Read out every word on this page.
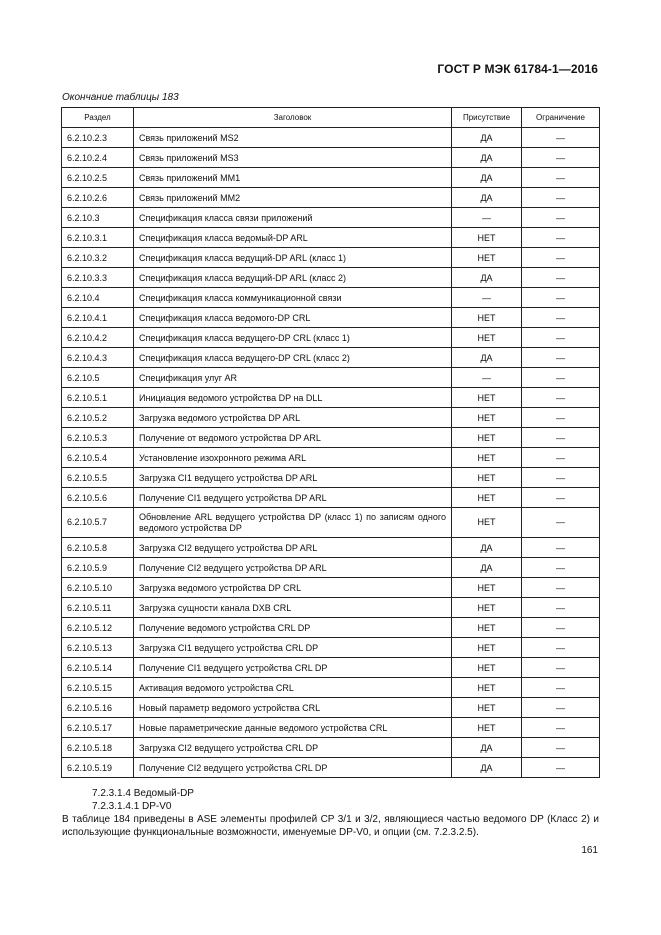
ГОСТ Р МЭК 61784-1—2016
Окончание таблицы 183
Раздел	Заголовок	Присутствие	Ограничение
6.2.10.2.3	Связь приложений MS2	ДА	—
6.2.10.2.4	Связь приложений MS3	ДА	—
6.2.10.2.5	Связь приложений MM1	ДА	—
6.2.10.2.6	Связь приложений MM2	ДА	—
6.2.10.3	Спецификация класса связи приложений	—	—
6.2.10.3.1	Спецификация класса ведомый-DP ARL	НЕТ	—
6.2.10.3.2	Спецификация класса ведущий-DP ARL (класс 1)	НЕТ	—
6.2.10.3.3	Спецификация класса ведущий-DP ARL (класс 2)	ДА	—
6.2.10.4	Спецификация класса коммуникационной связи	—	—
6.2.10.4.1	Спецификация класса ведомого-DP CRL	НЕТ	—
6.2.10.4.2	Спецификация класса ведущего-DP CRL (класс 1)	НЕТ	—
6.2.10.4.3	Спецификация класса ведущего-DP CRL (класс 2)	ДА	—
6.2.10.5	Спецификация улуг AR	—	—
6.2.10.5.1	Инициация ведомого устройства DP на DLL	НЕТ	—
6.2.10.5.2	Загрузка ведомого устройства DP ARL	НЕТ	—
6.2.10.5.3	Получение от ведомого устройства DP ARL	НЕТ	—
6.2.10.5.4	Установление изохронного режима ARL	НЕТ	—
6.2.10.5.5	Загрузка CI1 ведущего устройства DP ARL	НЕТ	—
6.2.10.5.6	Получение CI1 ведущего устройства DP ARL	НЕТ	—
6.2.10.5.7	Обновление ARL ведущего устройства DP (класс 1) по записям одного ведомого устройства DP	НЕТ	—
6.2.10.5.8	Загрузка CI2 ведущего устройства DP ARL	ДА	—
6.2.10.5.9	Получение CI2 ведущего устройства DP ARL	ДА	—
6.2.10.5.10	Загрузка ведомого устройства DP CRL	НЕТ	—
6.2.10.5.11	Загрузка сущности канала DXB CRL	НЕТ	—
6.2.10.5.12	Получение ведомого устройства CRL DP	НЕТ	—
6.2.10.5.13	Загрузка CI1 ведущего устройства CRL DP	НЕТ	—
6.2.10.5.14	Получение CI1 ведущего устройства CRL DP	НЕТ	—
6.2.10.5.15	Активация ведомого устройства CRL	НЕТ	—
6.2.10.5.16	Новый параметр ведомого устройства CRL	НЕТ	—
6.2.10.5.17	Новые параметрические данные ведомого устройства CRL	НЕТ	—
6.2.10.5.18	Загрузка CI2 ведущего устройства CRL DP	ДА	—
6.2.10.5.19	Получение CI2 ведущего устройства CRL DP	ДА	—
7.2.3.1.4 Ведомый-DP
7.2.3.1.4.1 DP-V0
В таблице 184 приведены в ASE элементы профилей CP 3/1 и 3/2, являющиеся частью ведомого DP (Класс 2) и использующие функциональные возможности, именуемые DP-V0, и опции (см. 7.2.3.2.5).
161
